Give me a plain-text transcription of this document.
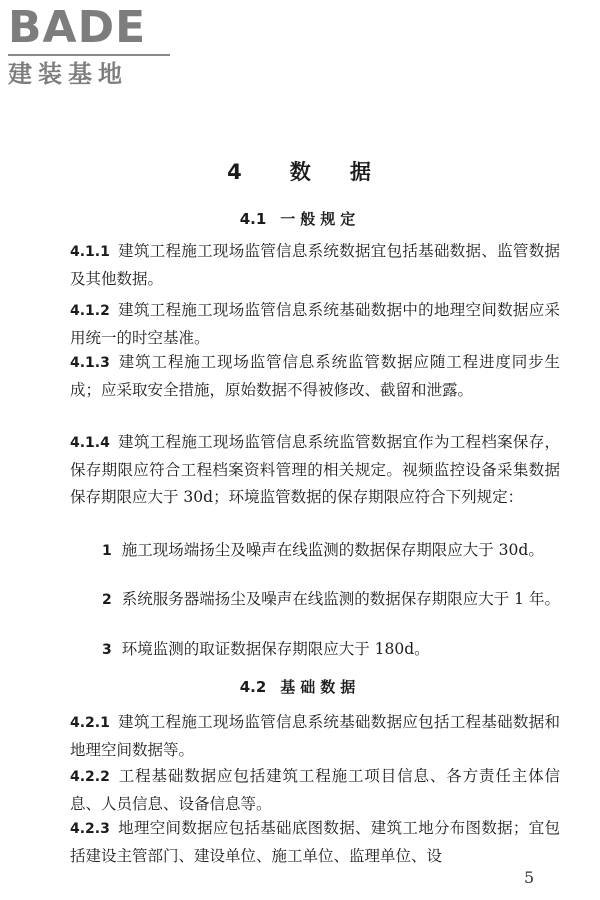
BADE
建装基地
4 数    据
4.1 一般规定

4.1.1 建筑工程施工现场监管信息系统数据宜包括基础数据、监管数据及其他数据。

4.1.2 建筑工程施工现场监管信息系统基础数据中的地理空间数据应采用统一的时空基准。

4.1.3 建筑工程施工现场监管信息系统监管数据应随工程进度同步生成；应采取安全措施，原始数据不得被修改、截留和泄露。

4.1.4 建筑工程施工现场监管信息系统监管数据宜作为工程档案保存，保存期限应符合工程档案资料管理的相关规定。视频监控设备采集数据保存期限应大于 30d；环境监管数据的保存期限应符合下列规定：

1 施工现场端扬尘及噪声在线监测的数据保存期限应大于 30d。

2 系统服务器端扬尘及噪声在线监测的数据保存期限应大于 1 年。

3 环境监测的取证数据保存期限应大于 180d。

4.2 基础数据

4.2.1 建筑工程施工现场监管信息系统基础数据应包括工程基础数据和地理空间数据等。

4.2.2 工程基础数据应包括建筑工程施工项目信息、各方责任主体信息、人员信息、设备信息等。

4.2.3 地理空间数据应包括基础底图数据、建筑工地分布图数据；宜包括建设主管部门、建设单位、施工单位、监理单位、设

5
